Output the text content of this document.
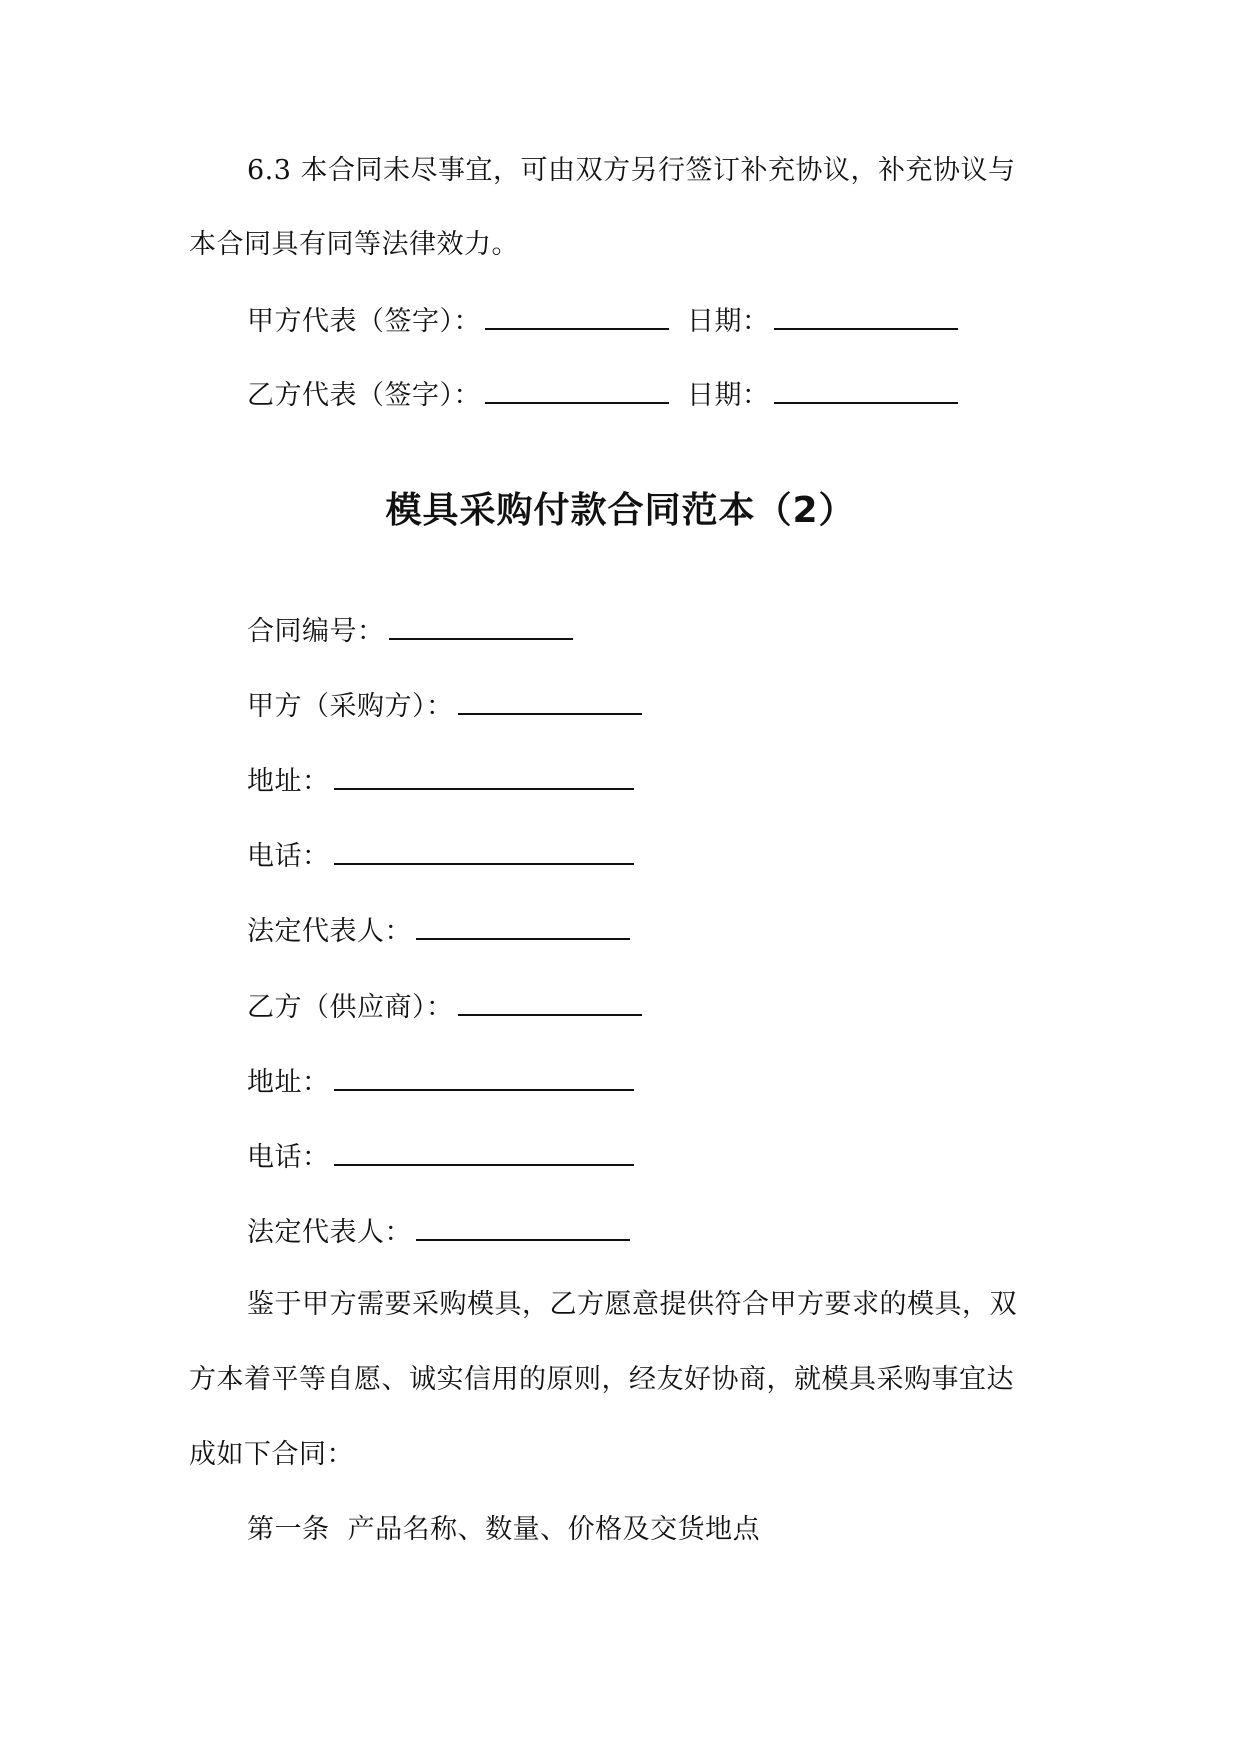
6.3 本合同未尽事宜，可由双方另行签订补充协议，补充协议与
本合同具有同等法律效力。
甲方代表（签字）：	日期：
乙方代表（签字）：	日期：
模具采购付款合同范本（2）
合同编号：
甲方（采购方）：
地址：
电话：
法定代表人：
乙方（供应商）：
地址：
电话：
法定代表人：
鉴于甲方需要采购模具，乙方愿意提供符合甲方要求的模具，双
方本着平等自愿、诚实信用的原则，经友好协商，就模具采购事宜达
成如下合同：
第一条  产品名称、数量、价格及交货地点
